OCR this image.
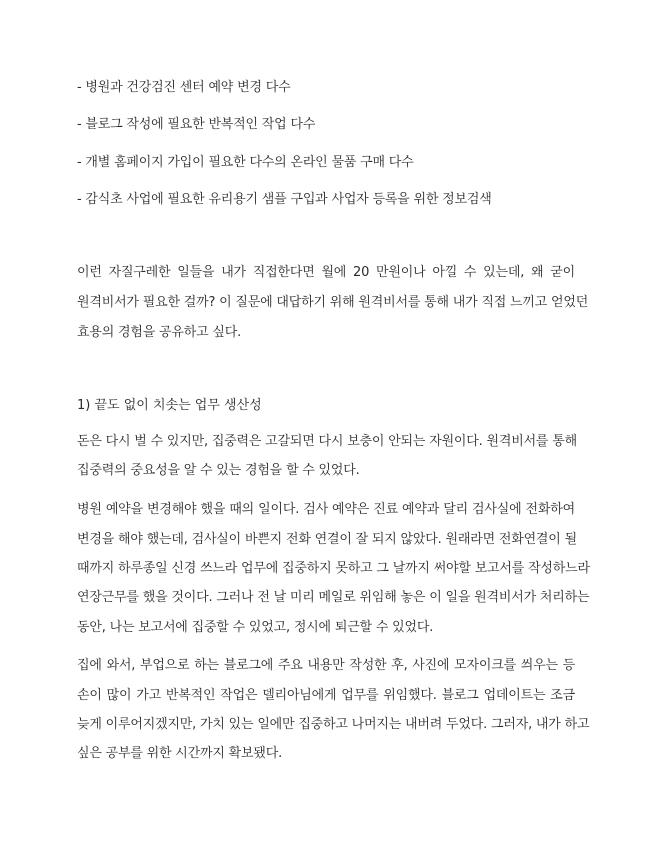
- 병원과 건강검진 센터 예약 변경 다수
- 블로그 작성에 필요한 반복적인 작업 다수
- 개별 홈페이지 가입이 필요한 다수의 온라인 물품 구매 다수
- 감식초 사업에 필요한 유리용기 샘플 구입과 사업자 등록을 위한 정보검색
이런 자질구레한 일들을 내가 직접한다면 월에 20 만원이나 아낄 수 있는데, 왜 굳이
원격비서가 필요한 걸까? 이 질문에 대답하기 위해 원격비서를 통해 내가 직접 느끼고 얻었던
효용의 경험을 공유하고 싶다.
1) 끝도 없이 치솟는 업무 생산성
돈은 다시 벌 수 있지만, 집중력은 고갈되면 다시 보충이 안되는 자원이다. 원격비서를 통해
집중력의 중요성을 알 수 있는 경험을 할 수 있었다.
병원 예약을 변경해야 했을 때의 일이다. 검사 예약은 진료 예약과 달리 검사실에 전화하여
변경을 해야 했는데, 검사실이 바쁜지 전화 연결이 잘 되지 않았다. 원래라면 전화연결이 될
때까지 하루종일 신경 쓰느라 업무에 집중하지 못하고 그 날까지 써야할 보고서를 작성하느라
연장근무를 했을 것이다. 그러나 전 날 미리 메일로 위임해 놓은 이 일을 원격비서가 처리하는
동안, 나는 보고서에 집중할 수 있었고, 정시에 퇴근할 수 있었다.
집에 와서, 부업으로 하는 블로그에 주요 내용만 작성한 후, 사진에 모자이크를 씌우는 등
손이 많이 가고 반복적인 작업은 델리아님에게 업무를 위임했다. 블로그 업데이트는 조금
늦게 이루어지겠지만, 가치 있는 일에만 집중하고 나머지는 내버려 두었다. 그러자, 내가 하고
싶은 공부를 위한 시간까지 확보됐다.
